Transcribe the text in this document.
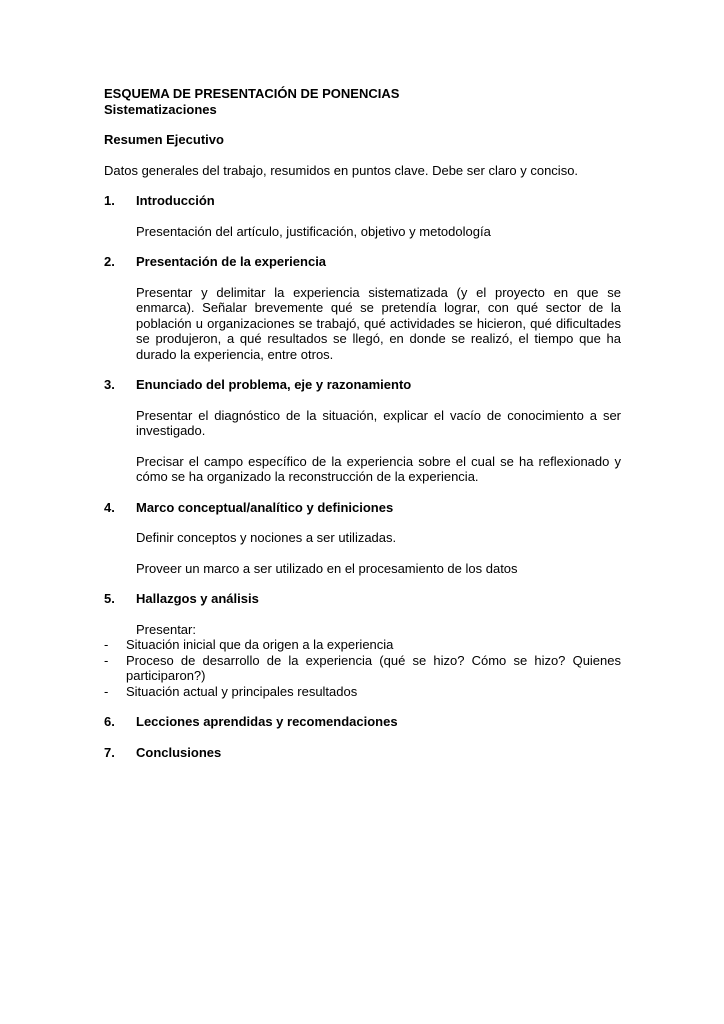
ESQUEMA DE PRESENTACIÓN DE PONENCIAS
Sistematizaciones
Resumen Ejecutivo
Datos generales del trabajo, resumidos en puntos clave. Debe ser claro y conciso.
1.	Introducción
Presentación del artículo, justificación, objetivo y metodología
2.	Presentación de la experiencia
Presentar y delimitar la experiencia sistematizada (y el proyecto en que se enmarca). Señalar brevemente qué se pretendía lograr, con qué sector de la población u organizaciones se trabajó, qué actividades se hicieron, qué dificultades se produjeron, a qué resultados se llegó, en donde se realizó, el tiempo que ha durado la experiencia, entre otros.
3.	Enunciado del problema, eje y razonamiento
Presentar el diagnóstico de la situación, explicar el vacío de conocimiento a ser investigado.
Precisar el campo específico de la experiencia sobre el cual se ha reflexionado y cómo se ha organizado la reconstrucción de la experiencia.
4.	Marco conceptual/analítico y definiciones
Definir conceptos y nociones a ser utilizadas.
Proveer un marco a ser utilizado en el procesamiento de los datos
5.	Hallazgos y análisis
Presentar:
-	Situación inicial que da origen a la experiencia
-	Proceso de desarrollo de la experiencia (qué se hizo? Cómo se hizo? Quienes participaron?)
-	Situación actual y principales resultados
6.	Lecciones aprendidas y recomendaciones
7.	Conclusiones
